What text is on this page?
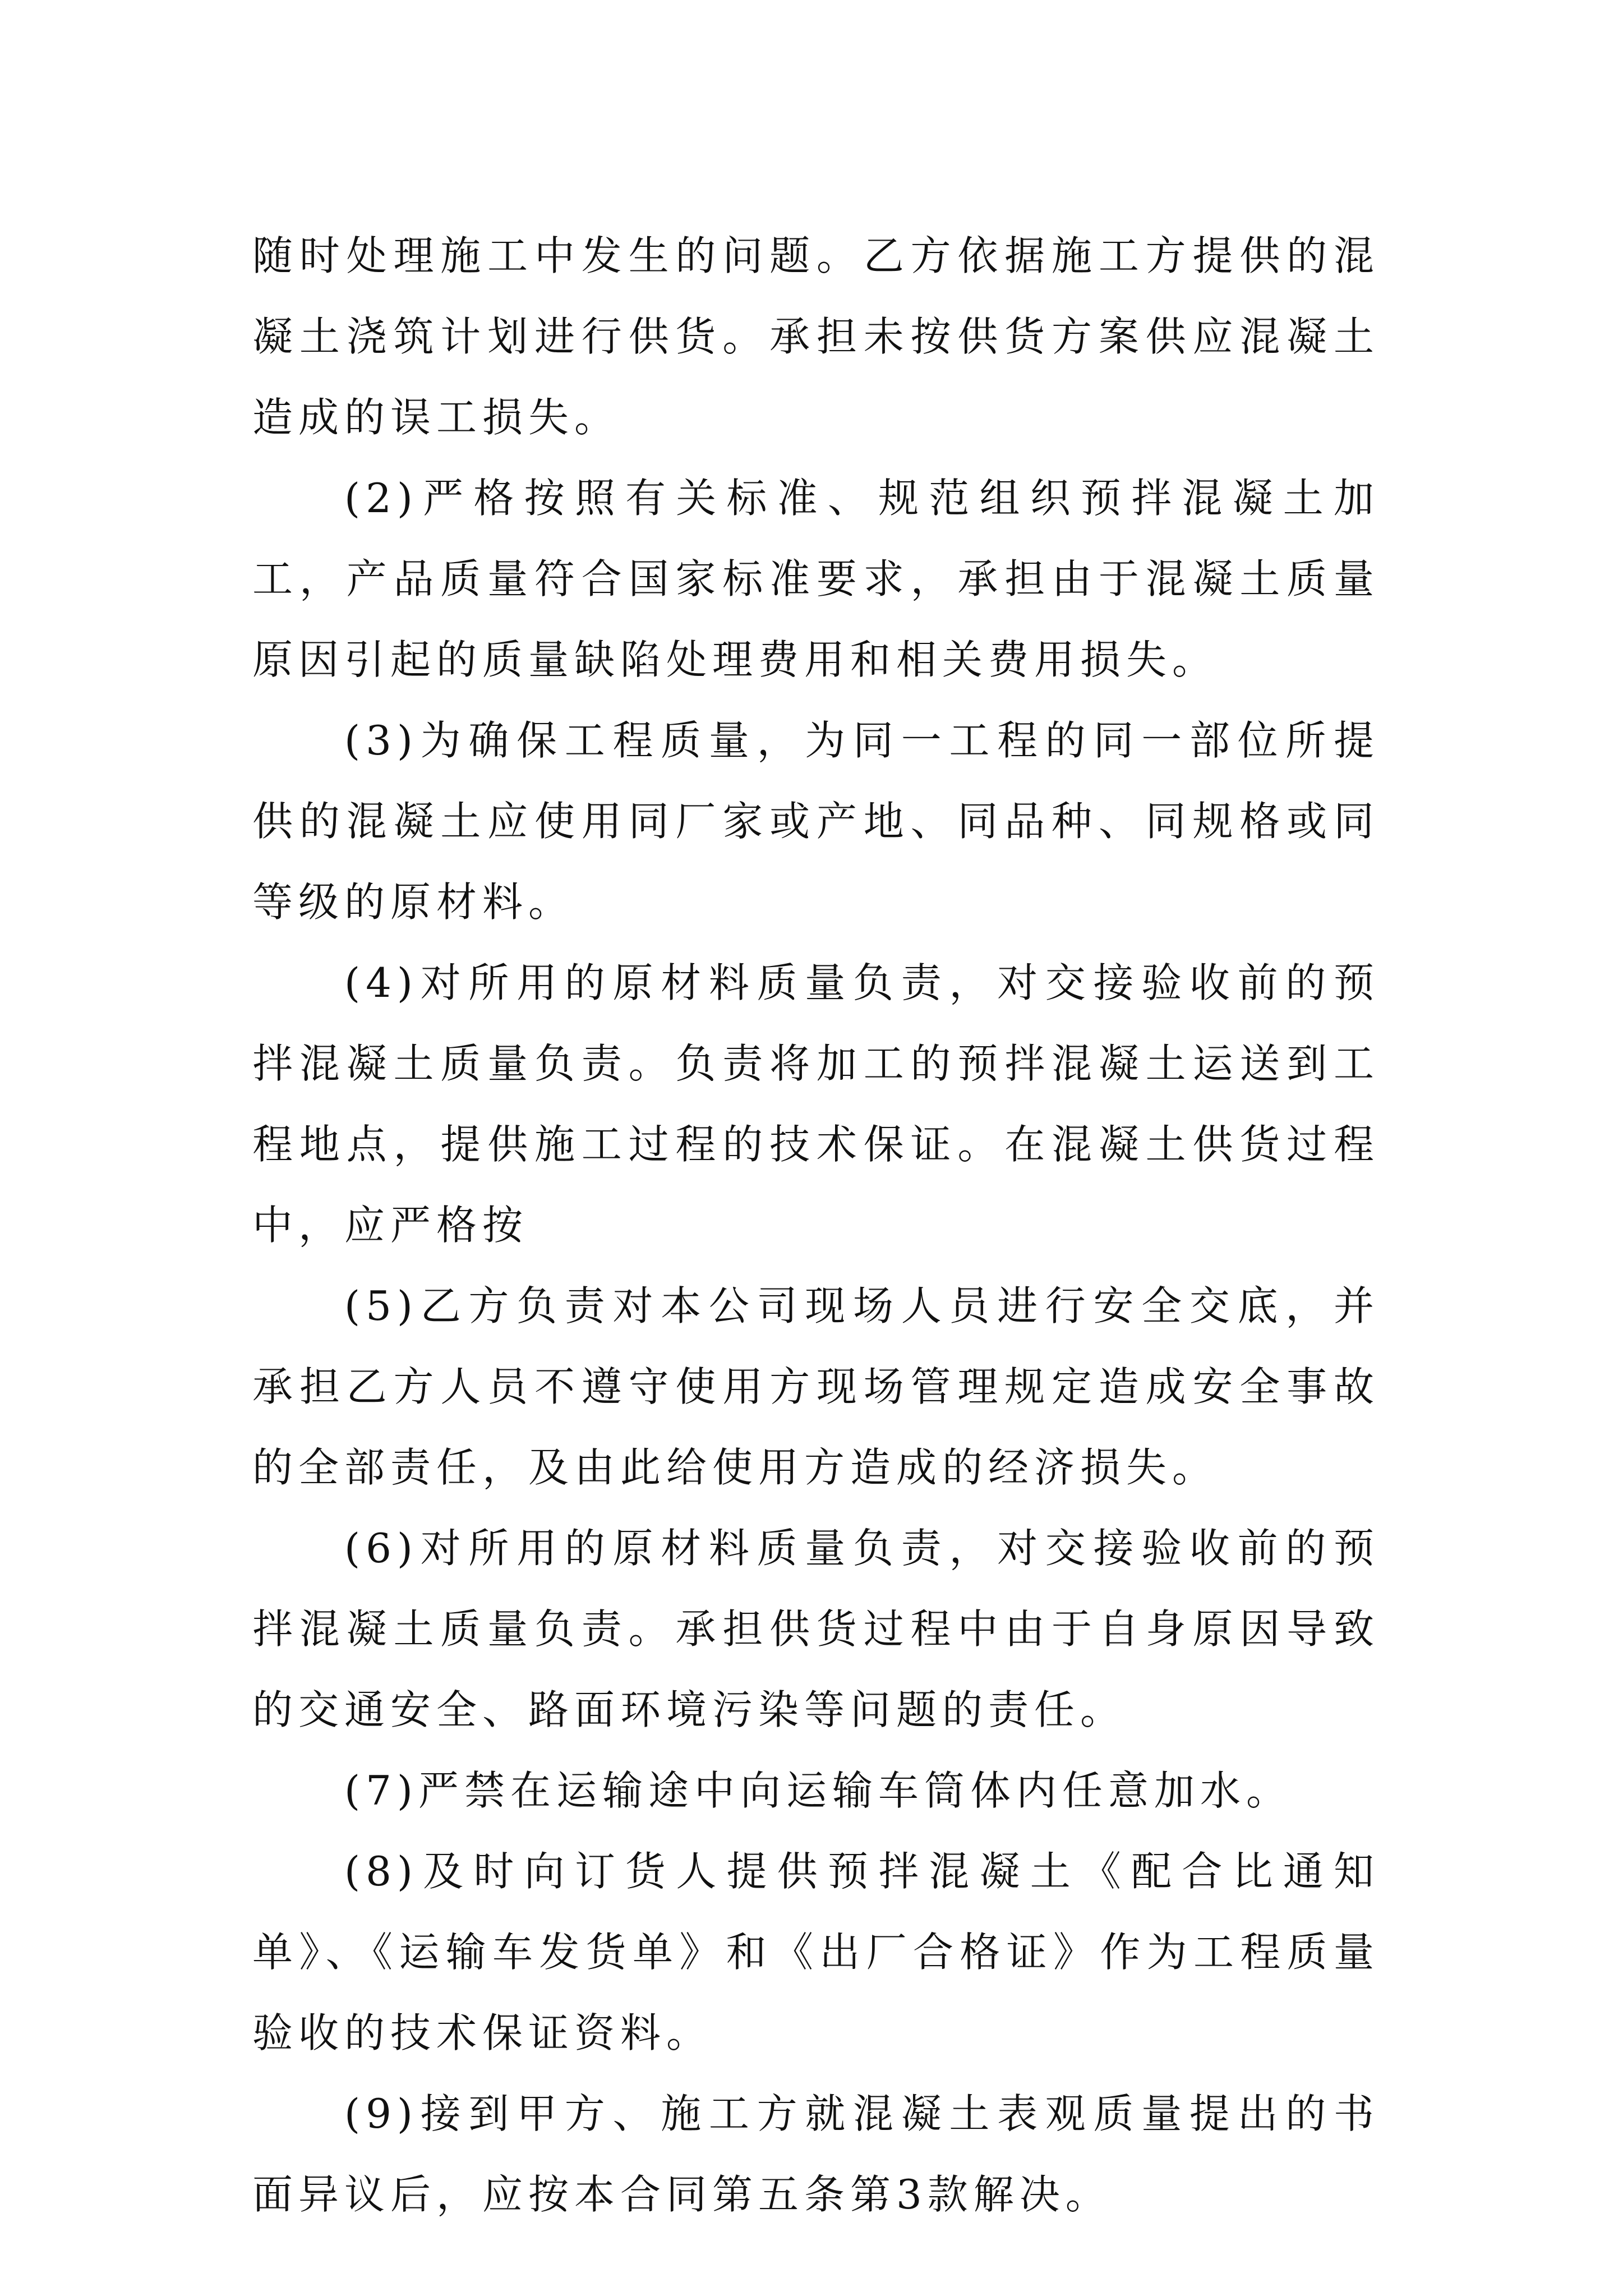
随时处理施工中发生的问题。乙方依据施工方提供的混凝土浇筑计划进行供货。承担未按供货方案供应混凝土造成的误工损失。

(2)严格按照有关标准、规范组织预拌混凝土加工，产品质量符合国家标准要求，承担由于混凝土质量原因引起的质量缺陷处理费用和相关费用损失。

(3)为确保工程质量，为同一工程的同一部位所提供的混凝土应使用同厂家或产地、同品种、同规格或同等级的原材料。

(4)对所用的原材料质量负责，对交接验收前的预拌混凝土质量负责。负责将加工的预拌混凝土运送到工程地点，提供施工过程的技术保证。在混凝土供货过程中，应严格按

(5)乙方负责对本公司现场人员进行安全交底，并承担乙方人员不遵守使用方现场管理规定造成安全事故的全部责任，及由此给使用方造成的经济损失。

(6)对所用的原材料质量负责，对交接验收前的预拌混凝土质量负责。承担供货过程中由于自身原因导致的交通安全、路面环境污染等问题的责任。

(7)严禁在运输途中向运输车筒体内任意加水。

(8)及时向订货人提供预拌混凝土《配合比通知单》、《运输车发货单》和《出厂合格证》作为工程质量验收的技术保证资料。

(9)接到甲方、施工方就混凝土表观质量提出的书面异议后，应按本合同第五条第3款解决。
